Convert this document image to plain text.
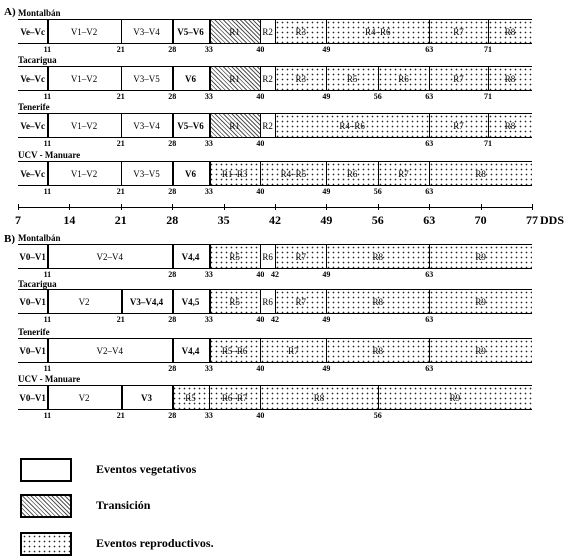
A) Montalbán
Ve–Vc	V1–V2	V3–V4 V5–V6	R1	R2	R3	R4–R6	R7	R8
11	21	28	33	40	49	63	71
Tacarigua
Ve–Vc	V1–V2	V3–V5	V6	R1	R2	R3	R5	R6	R7	R8
11	21	28	33	40	49	56	63	71
Tenerife
Ve–Vc	V1–V2	V3–V4 V5–V6	R1	R2	R4–R6	R7	R8
11	21	28	33	40	63	71
UCV - Manuare
Ve–Vc	V1–V2	V3–V5	V6	R1–R3	R4–R5	R6	R7	R8
11	21	28	33	40	49	56	63
B) Montalbán
V0–V1	V2–V4	V4,4	R5	R6	R7	R8	R9
11	28	33	40 42	49	63
Tacarigua
V0–V1	V2	V3–V4,4 V4,5	R5	R6	R7	R8	R9
11	21	28	33	40 42	49	63
Tenerife
V0–V1	V2–V4	V4,4 R5–R6	R7	R8	R9
11	28	33	40	49	63
UCV - Manuare
V0–V1	V2	V3	R5	R6–R7	R8	R9
11	21	28	33	40	56
7	14	21	28	35	42	49	56	63	70	77 DDS
Eventos vegetativos
Transición
Eventos reproductivos.
